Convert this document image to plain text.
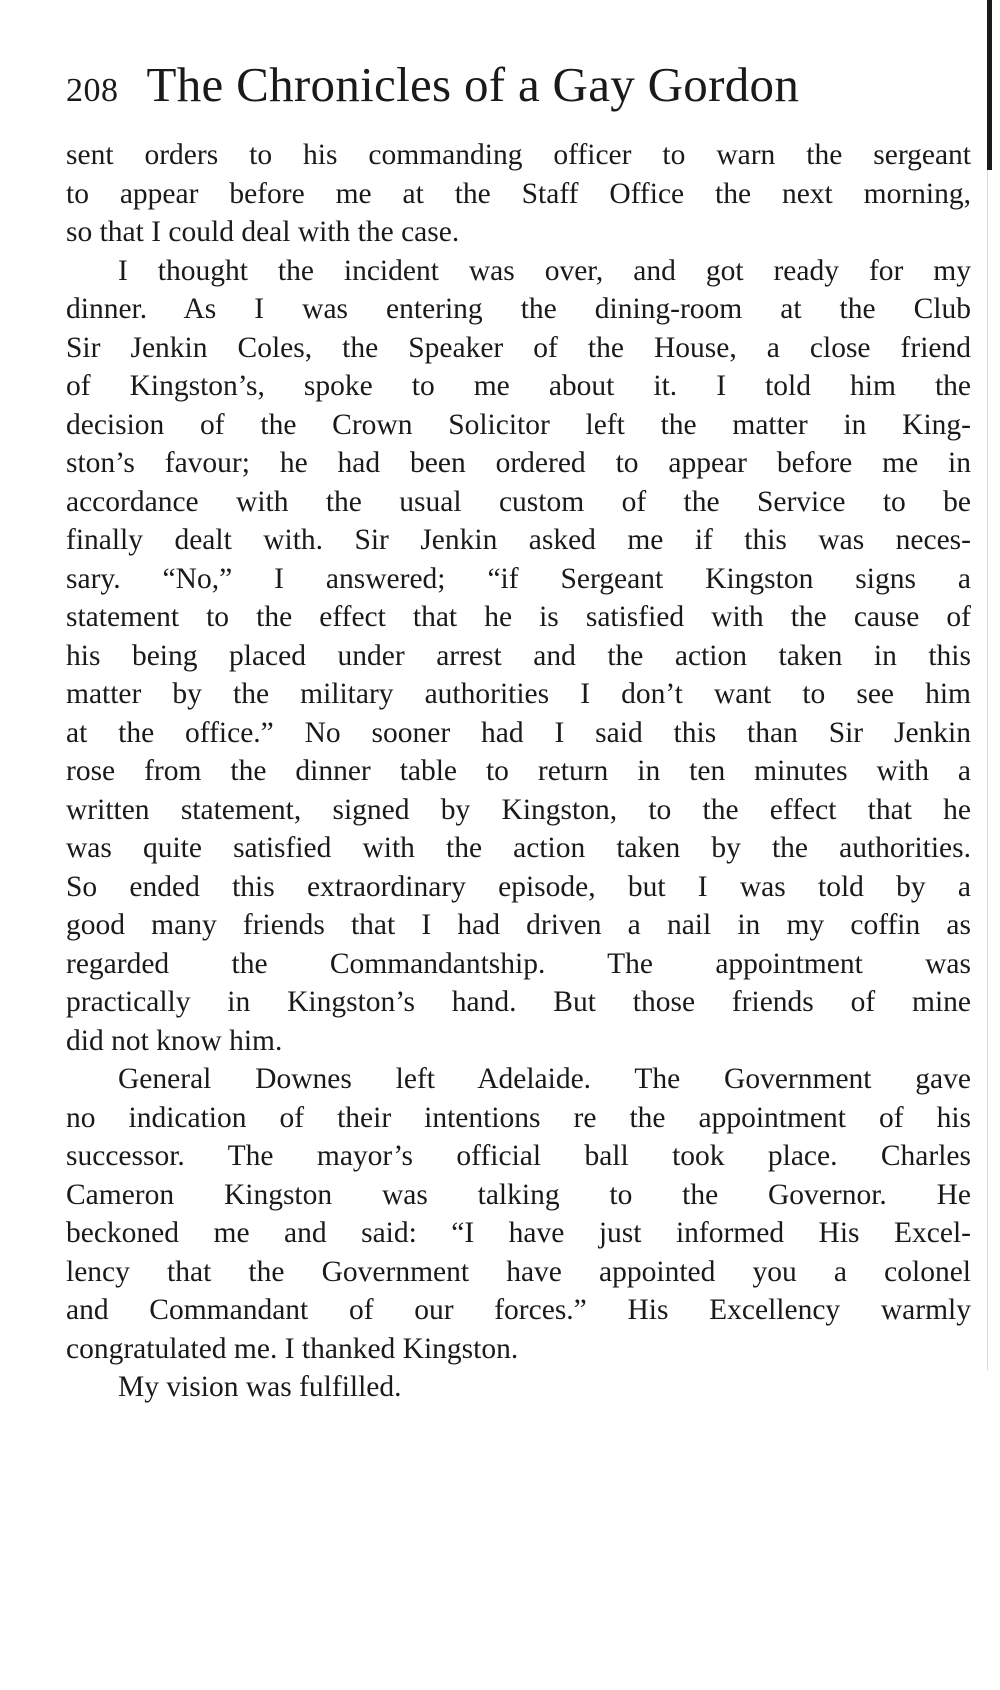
208 The Chronicles of a Gay Gordon
sent orders to his commanding officer to warn the sergeant
to appear before me at the Staff Office the next morning,
so that I could deal with the case.
I thought the incident was over, and got ready for my
dinner. As I was entering the dining-room at the Club
Sir Jenkin Coles, the Speaker of the House, a close friend
of Kingston’s, spoke to me about it. I told him the
decision of the Crown Solicitor left the matter in King-
ston’s favour; he had been ordered to appear before me in
accordance with the usual custom of the Service to be
finally dealt with. Sir Jenkin asked me if this was neces-
sary. “No,” I answered; “if Sergeant Kingston signs a
statement to the effect that he is satisfied with the cause of
his being placed under arrest and the action taken in this
matter by the military authorities I don’t want to see him
at the office.” No sooner had I said this than Sir Jenkin
rose from the dinner table to return in ten minutes with a
written statement, signed by Kingston, to the effect that he
was quite satisfied with the action taken by the authorities.
So ended this extraordinary episode, but I was told by a
good many friends that I had driven a nail in my coffin as
regarded the Commandantship. The appointment was
practically in Kingston’s hand. But those friends of mine
did not know him.
General Downes left Adelaide. The Government gave
no indication of their intentions re the appointment of his
successor. The mayor’s official ball took place. Charles
Cameron Kingston was talking to the Governor. He
beckoned me and said: “I have just informed His Excel-
lency that the Government have appointed you a colonel
and Commandant of our forces.” His Excellency warmly
congratulated me. I thanked Kingston.
My vision was fulfilled.
